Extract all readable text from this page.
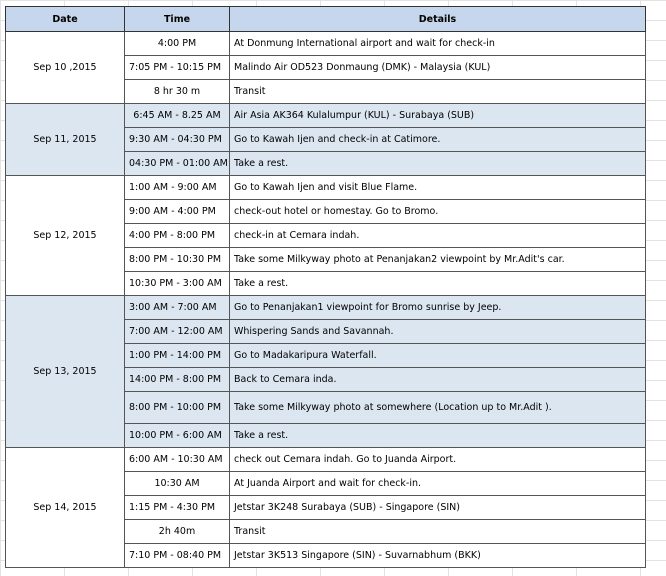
Date	Time	Details
Sep 10 ,2015	4:00 PM	At Donmung International airport and wait for check-in
	7:05 PM - 10:15 PM	Malindo Air OD523 Donmaung (DMK) - Malaysia (KUL)
	8 hr 30 m	Transit
Sep 11, 2015	6:45 AM - 8.25 AM	Air Asia AK364 Kulalumpur (KUL) - Surabaya (SUB)
	9:30 AM - 04:30 PM	Go to Kawah Ijen and check-in at Catimore.
	04:30 PM - 01:00 AM	Take a rest.
Sep 12, 2015	1:00 AM - 9:00 AM	Go to Kawah Ijen and visit Blue Flame.
	9:00 AM - 4:00 PM	check-out hotel or homestay. Go to Bromo.
	4:00 PM - 8:00 PM	check-in at Cemara indah.
	8:00 PM - 10:30 PM	Take some Milkyway photo at Penanjakan2 viewpoint by Mr.Adit's car.
	10:30 PM - 3:00 AM	Take a rest.
Sep 13, 2015	3:00 AM - 7:00 AM	Go to Penanjakan1 viewpoint for Bromo sunrise by Jeep.
	7:00 AM - 12:00 AM	Whispering Sands and Savannah.
	1:00 PM - 14:00 PM	Go to Madakaripura Waterfall.
	14:00 PM - 8:00 PM	Back to Cemara inda.
	8:00 PM - 10:00 PM	Take some Milkyway photo at somewhere (Location up to Mr.Adit ).
	10:00 PM - 6:00 AM	Take a rest.
Sep 14, 2015	6:00 AM - 10:30 AM	check out Cemara indah. Go to Juanda Airport.
	10:30 AM	At Juanda Airport and wait for check-in.
	1:15 PM - 4:30 PM	Jetstar 3K248 Surabaya (SUB) - Singapore (SIN)
	2h 40m	Transit
	7:10 PM - 08:40 PM	Jetstar 3K513 Singapore (SIN) - Suvarnabhum (BKK)
